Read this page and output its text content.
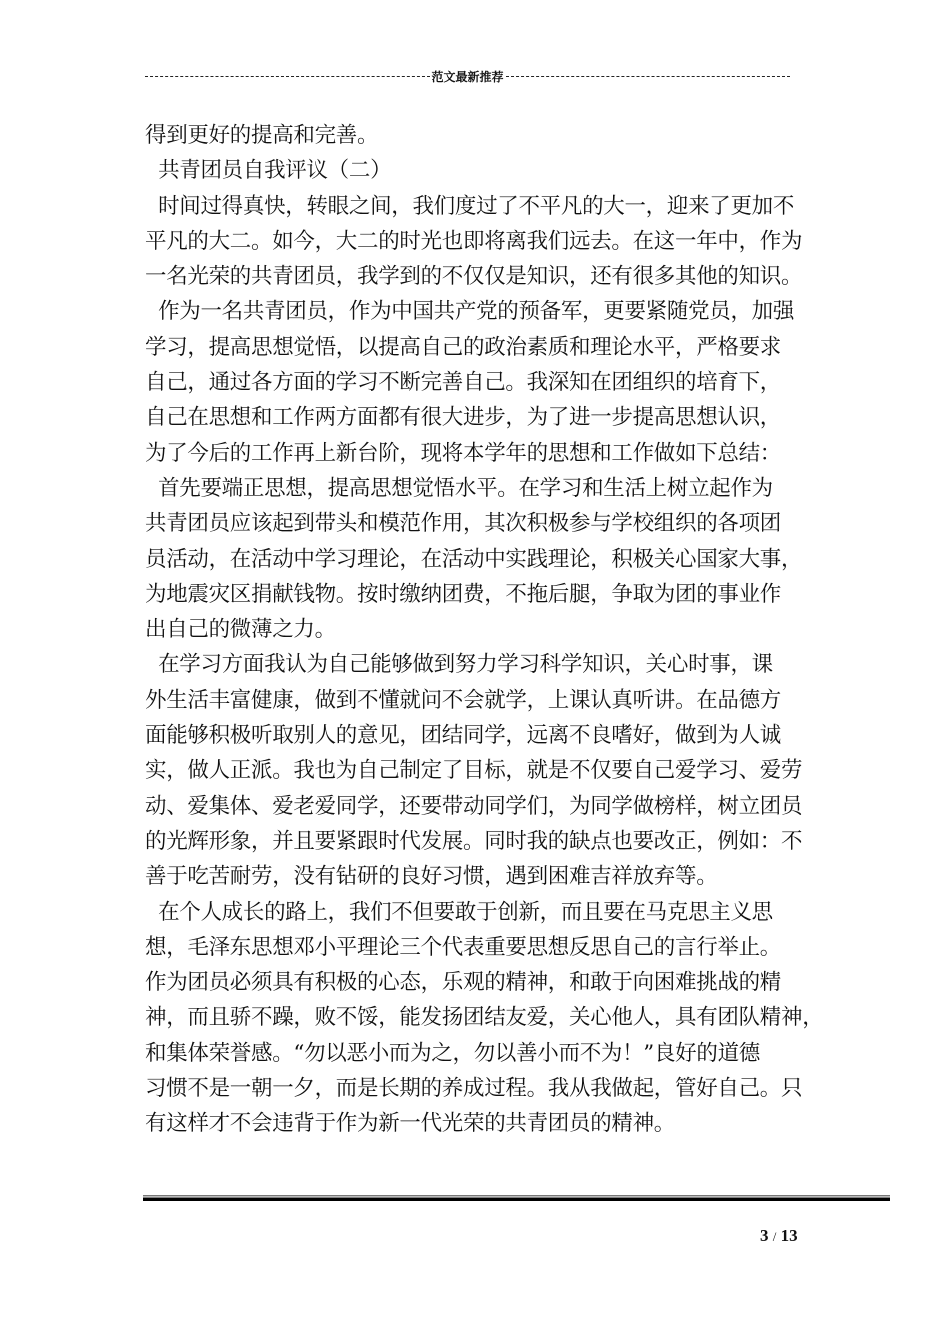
范文最新推荐
得到更好的提高和完善。
共青团员自我评议（二）
时间过得真快，转眼之间，我们度过了不平凡的大一，迎来了更加不
平凡的大二。如今，大二的时光也即将离我们远去。在这一年中，作为
一名光荣的共青团员，我学到的不仅仅是知识，还有很多其他的知识。
作为一名共青团员，作为中国共产党的预备军，更要紧随党员，加强
学习，提高思想觉悟，以提高自己的政治素质和理论水平，严格要求
自己，通过各方面的学习不断完善自己。我深知在团组织的培育下，
自己在思想和工作两方面都有很大进步，为了进一步提高思想认识，
为了今后的工作再上新台阶，现将本学年的思想和工作做如下总结：
首先要端正思想，提高思想觉悟水平。在学习和生活上树立起作为
共青团员应该起到带头和模范作用，其次积极参与学校组织的各项团
员活动，在活动中学习理论，在活动中实践理论，积极关心国家大事，
为地震灾区捐献钱物。按时缴纳团费，不拖后腿，争取为团的事业作
出自己的微薄之力。
在学习方面我认为自己能够做到努力学习科学知识，关心时事，课
外生活丰富健康，做到不懂就问不会就学，上课认真听讲。在品德方
面能够积极听取别人的意见，团结同学，远离不良嗜好，做到为人诚
实，做人正派。我也为自己制定了目标，就是不仅要自己爱学习、爱劳
动、爱集体、爱老爱同学，还要带动同学们，为同学做榜样，树立团员
的光辉形象，并且要紧跟时代发展。同时我的缺点也要改正，例如：不
善于吃苦耐劳，没有钻研的良好习惯，遇到困难吉祥放弃等。
在个人成长的路上，我们不但要敢于创新，而且要在马克思主义思
想，毛泽东思想邓小平理论三个代表重要思想反思自己的言行举止。
作为团员必须具有积极的心态，乐观的精神，和敢于向困难挑战的精
神，而且骄不躁，败不馁，能发扬团结友爱，关心他人，具有团队精神，
和集体荣誉感。“勿以恶小而为之，勿以善小而不为！”良好的道德
习惯不是一朝一夕，而是长期的养成过程。我从我做起，管好自己。只
有这样才不会违背于作为新一代光荣的共青团员的精神。
3 / 13
